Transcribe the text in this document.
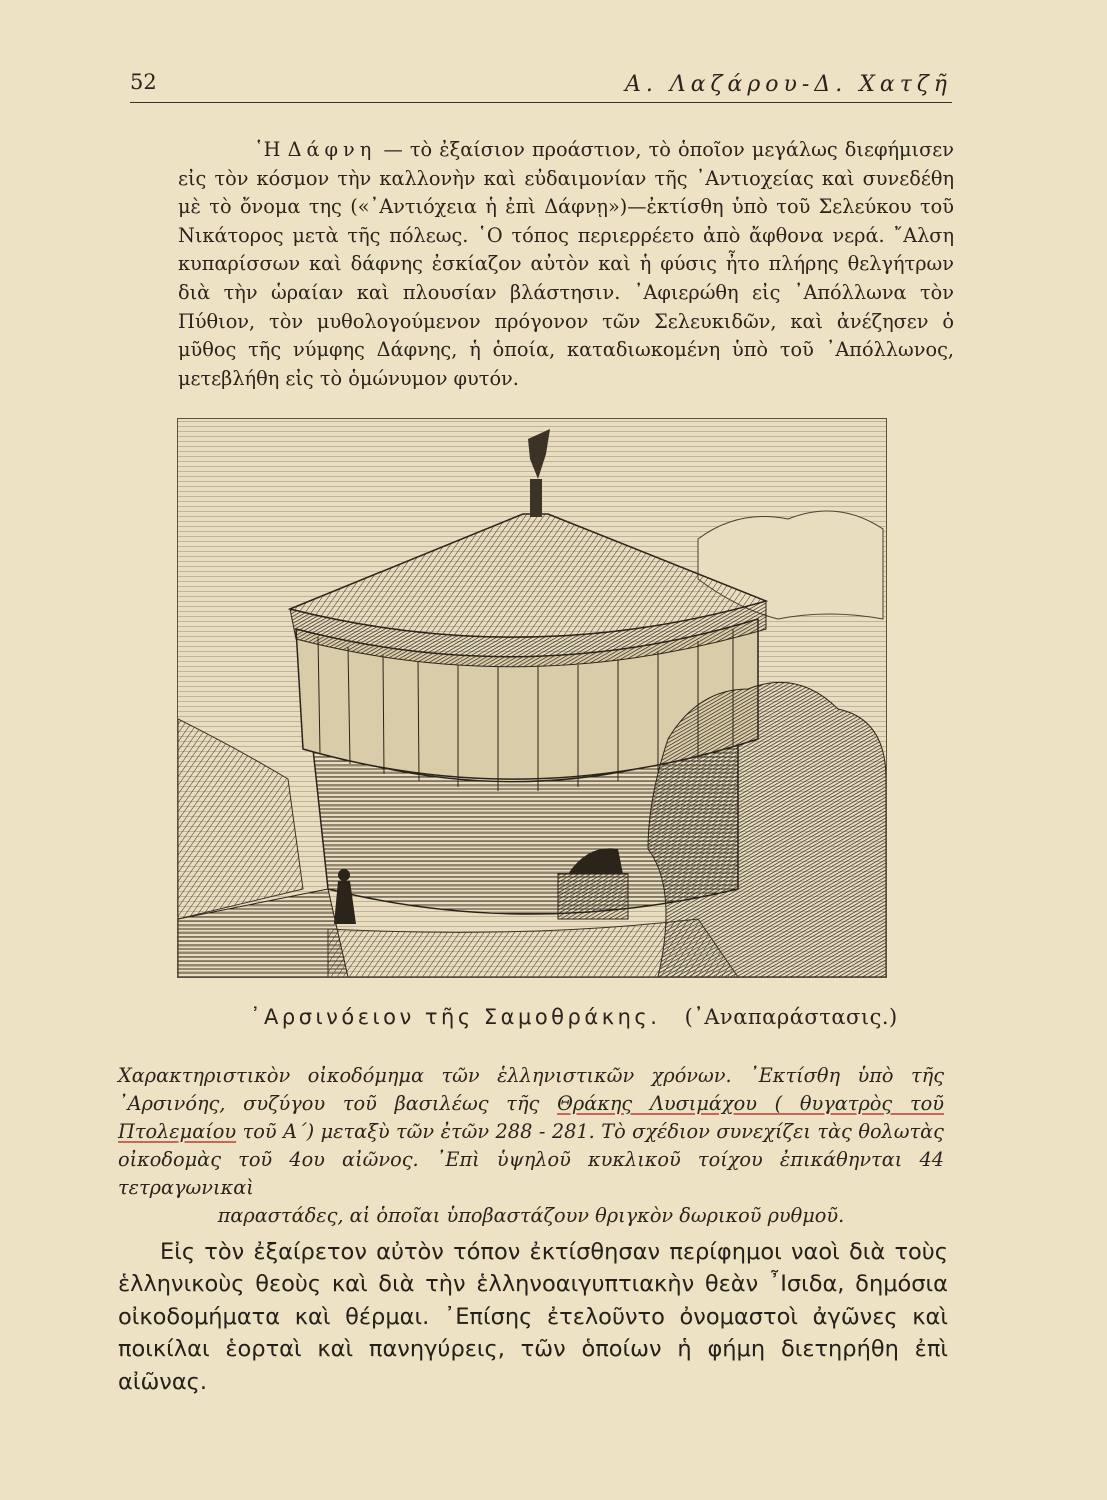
52	Α. Λαζάρου-Δ. Χατζῆ

῾Η Δάφνη — τὸ ἐξαίσιον προάστιον, τὸ ὁποῖον μεγάλως διεφήμισεν εἰς τὸν κόσμον τὴν καλλονὴν καὶ εὐδαιμονίαν τῆς ᾿Αντιοχείας καὶ συνεδέθη μὲ τὸ ὄνομα της («᾿Αντιόχεια ἡ ἐπὶ Δάφνῃ»)—ἐκτίσθη ὑπὸ τοῦ Σελεύκου τοῦ Νικάτορος μετὰ τῆς πόλεως. ῾Ο τόπος περιερρέετο ἀπὸ ἄφθονα νερά. ῎Αλση κυπαρίσσων καὶ δάφνης ἐσκίαζον αὐτὸν καὶ ἡ φύσις ἦτο πλήρης θελγήτρων διὰ τὴν ὡραίαν καὶ πλουσίαν βλάστησιν. ᾿Αφιερώθη εἰς ᾿Απόλλωνα τὸν Πύθιον, τὸν μυθολογούμενον πρόγονον τῶν Σελευκιδῶν, καὶ ἀνέζησεν ὁ μῦθος τῆς νύμφης Δάφνης, ἡ ὁποία, καταδιωκομένη ὑπὸ τοῦ ᾿Απόλλωνος, μετεβλήθη εἰς τὸ ὁμώνυμον φυτόν.

᾿Αρσινόειον τῆς Σαμοθράκης. (᾿Αναπαράστασις.)

Χαρακτηριστικὸν οἰκοδόμημα τῶν ἑλληνιστικῶν χρόνων. ᾿Εκτίσθη ὑπὸ τῆς ᾿Αρσινόης, συζύγου τοῦ βασιλέως τῆς Θράκης Λυσιμάχου ( θυγατρὸς τοῦ Πτολεμαίου τοῦ Α΄) μεταξὺ τῶν ἐτῶν 288 - 281. Τὸ σχέδιον συνεχίζει τὰς θολωτὰς οἰκοδομὰς τοῦ 4ου αἰῶνος. ᾿Επὶ ὑψηλοῦ κυκλικοῦ τοίχου ἐπικάθηνται 44 τετραγωνικαὶ
παραστάδες, αἱ ὁποῖαι ὑποβαστάζουν θριγκὸν δωρικοῦ ρυθμοῦ.

Εἰς τὸν ἐξαίρετον αὐτὸν τόπον ἐκτίσθησαν περίφημοι ναοὶ διὰ τοὺς ἑλληνικοὺς θεοὺς καὶ διὰ τὴν ἑλληνοαιγυπτιακὴν θεὰν ῏Ισιδα, δημόσια οἰκοδομήματα καὶ θέρμαι. ᾿Επίσης ἐτελοῦντο ὀνομαστοὶ ἀγῶνες καὶ ποικίλαι ἑορταὶ καὶ πανηγύρεις, τῶν ὁποίων ἡ φήμη διετηρήθη ἐπὶ αἰῶνας.
